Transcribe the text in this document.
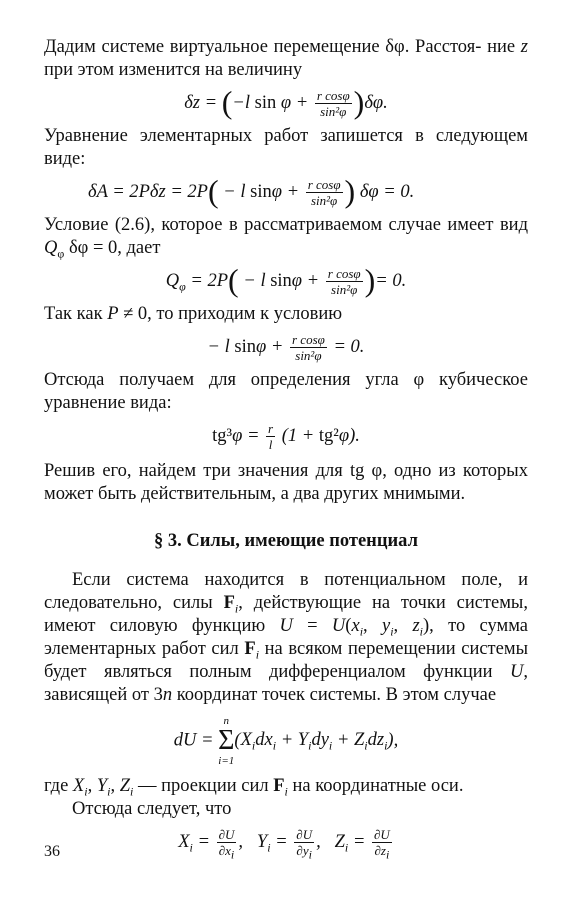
Дадим системе виртуальное перемещение δφ. Расстоя- ние z при этом изменится на величину

δz = (−l $\sin \varphi + \frac{\text{r cosφ}}{\text{sin²φ}} )\delta\varphi$.

Уравнение элементарных работ запишется в следующем виде:

δA = 2Pδz = 2P( − l $\sin\varphi + \frac{\text{r cosφ}}{\text{sin²φ}}$ ) δφ = 0.

Условие (2.6), которое в рассматриваемом случае имеет вид $Q_\varphi$ δφ = 0, дает

$Q_\varphi = 2P( - l$ $\sin\varphi + \frac{\text{r cosφ}}{\text{sin²φ}}$ )= 0.

Так как P ≠ 0, то приходим к условию

− l $\sin\varphi + \frac{\text{r cosφ}}{\text{sin²φ}} = 0$.

Отсюда получаем для определения угла φ кубическое уравнение вида:

$tg^3\varphi = \frac{r}{l} (1 + tg^2\varphi)$.

Решив его, найдем три значения для tg φ, одно из которых может быть действительным, а два других мнимыми.

§ 3. Силы, имеющие потенциал

Если система находится в потенциальном поле, и следовательно, силы $F_i$, действующие на точки системы, имеют силовую функцию $U = U(x_i$, $y_i$, $z_i$), то сумма элементарных работ сил $F_i$ на всяком перемещении системы будет являться полным дифференциалом функции U, зависящей от 3n координат точек системы. В этом случае

dU =
n
Σ
i=1
$(X_idx_i + Y_idy_i + Z_idz_i)$,

где $X_i$, $Y_i$, $Z_i$ — проекции сил $F_i$ на координатные оси.

Отсюда следует, что

$X_i = \frac{\partial U}{\partial x_i}$ ,   $Y_i = \frac{\partial U}{\partial y_i}$ ,   $Z_i = \frac{\partial U}{\partial z_i}$
36
